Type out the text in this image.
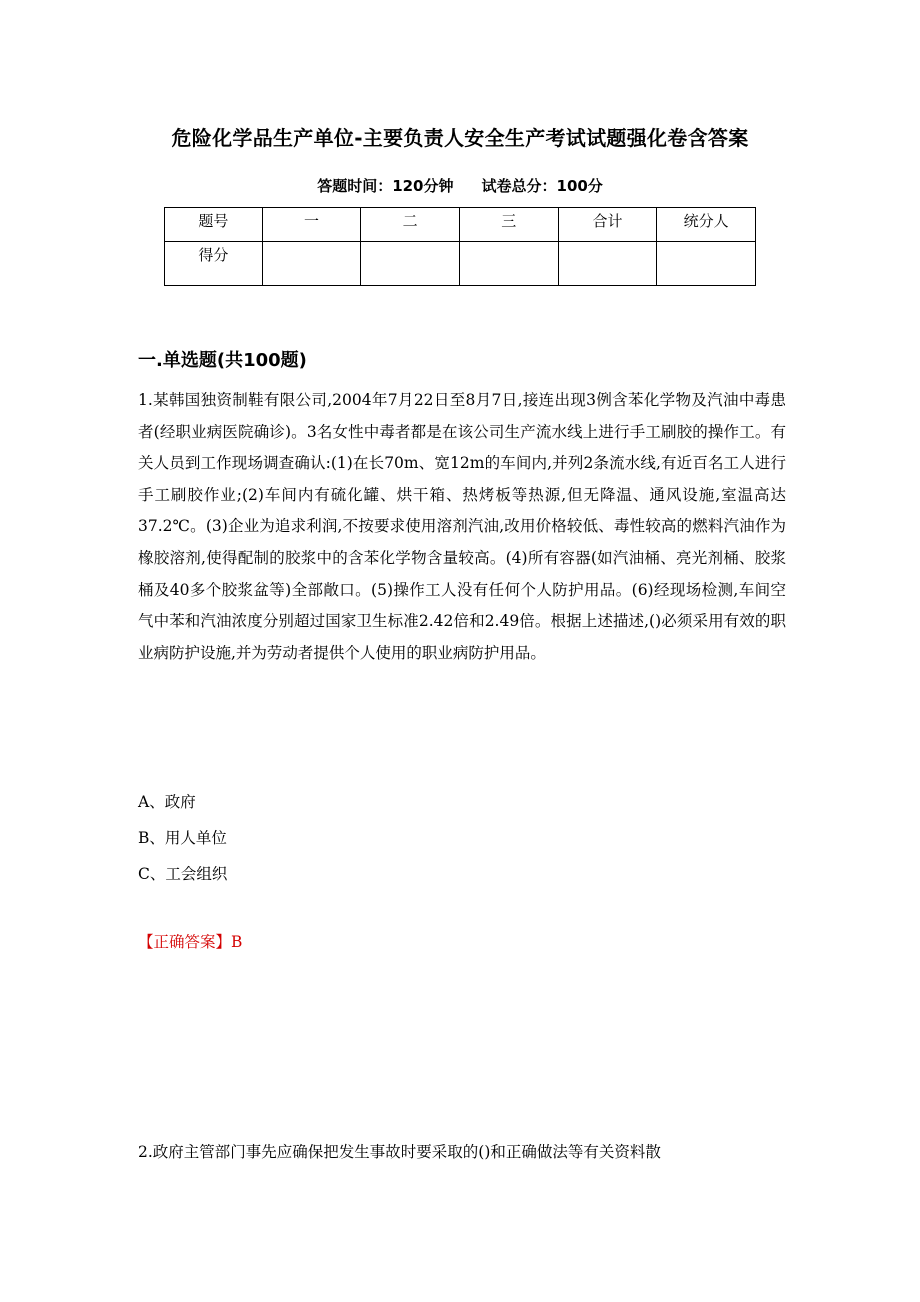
危险化学品生产单位-主要负责人安全生产考试试题强化卷含答案
答题时间：120分钟 试卷总分：100分
题号	一	二	三	合计	统分人
得分					
一.单选题(共100题)
1.某韩国独资制鞋有限公司,2004年7月22日至8月7日,接连出现3例含苯化学物及汽油中毒患者(经职业病医院确诊)。3名女性中毒者都是在该公司生产流水线上进行手工刷胶的操作工。有关人员到工作现场调查确认:(1)在长70m、宽12m的车间内,并列2条流水线,有近百名工人进行手工刷胶作业;(2)车间内有硫化罐、烘干箱、热烤板等热源,但无降温、通风设施,室温高达37.2℃。(3)企业为追求利润,不按要求使用溶剂汽油,改用价格较低、毒性较高的燃料汽油作为橡胶溶剂,使得配制的胶浆中的含苯化学物含量较高。(4)所有容器(如汽油桶、亮光剂桶、胶浆桶及40多个胶浆盆等)全部敞口。(5)操作工人没有任何个人防护用品。(6)经现场检测,车间空气中苯和汽油浓度分别超过国家卫生标准2.42倍和2.49倍。根据上述描述,()必须采用有效的职业病防护设施,并为劳动者提供个人使用的职业病防护用品。
A、政府
B、用人单位
C、工会组织
【正确答案】B
2.政府主管部门事先应确保把发生事故时要采取的()和正确做法等有关资料散
